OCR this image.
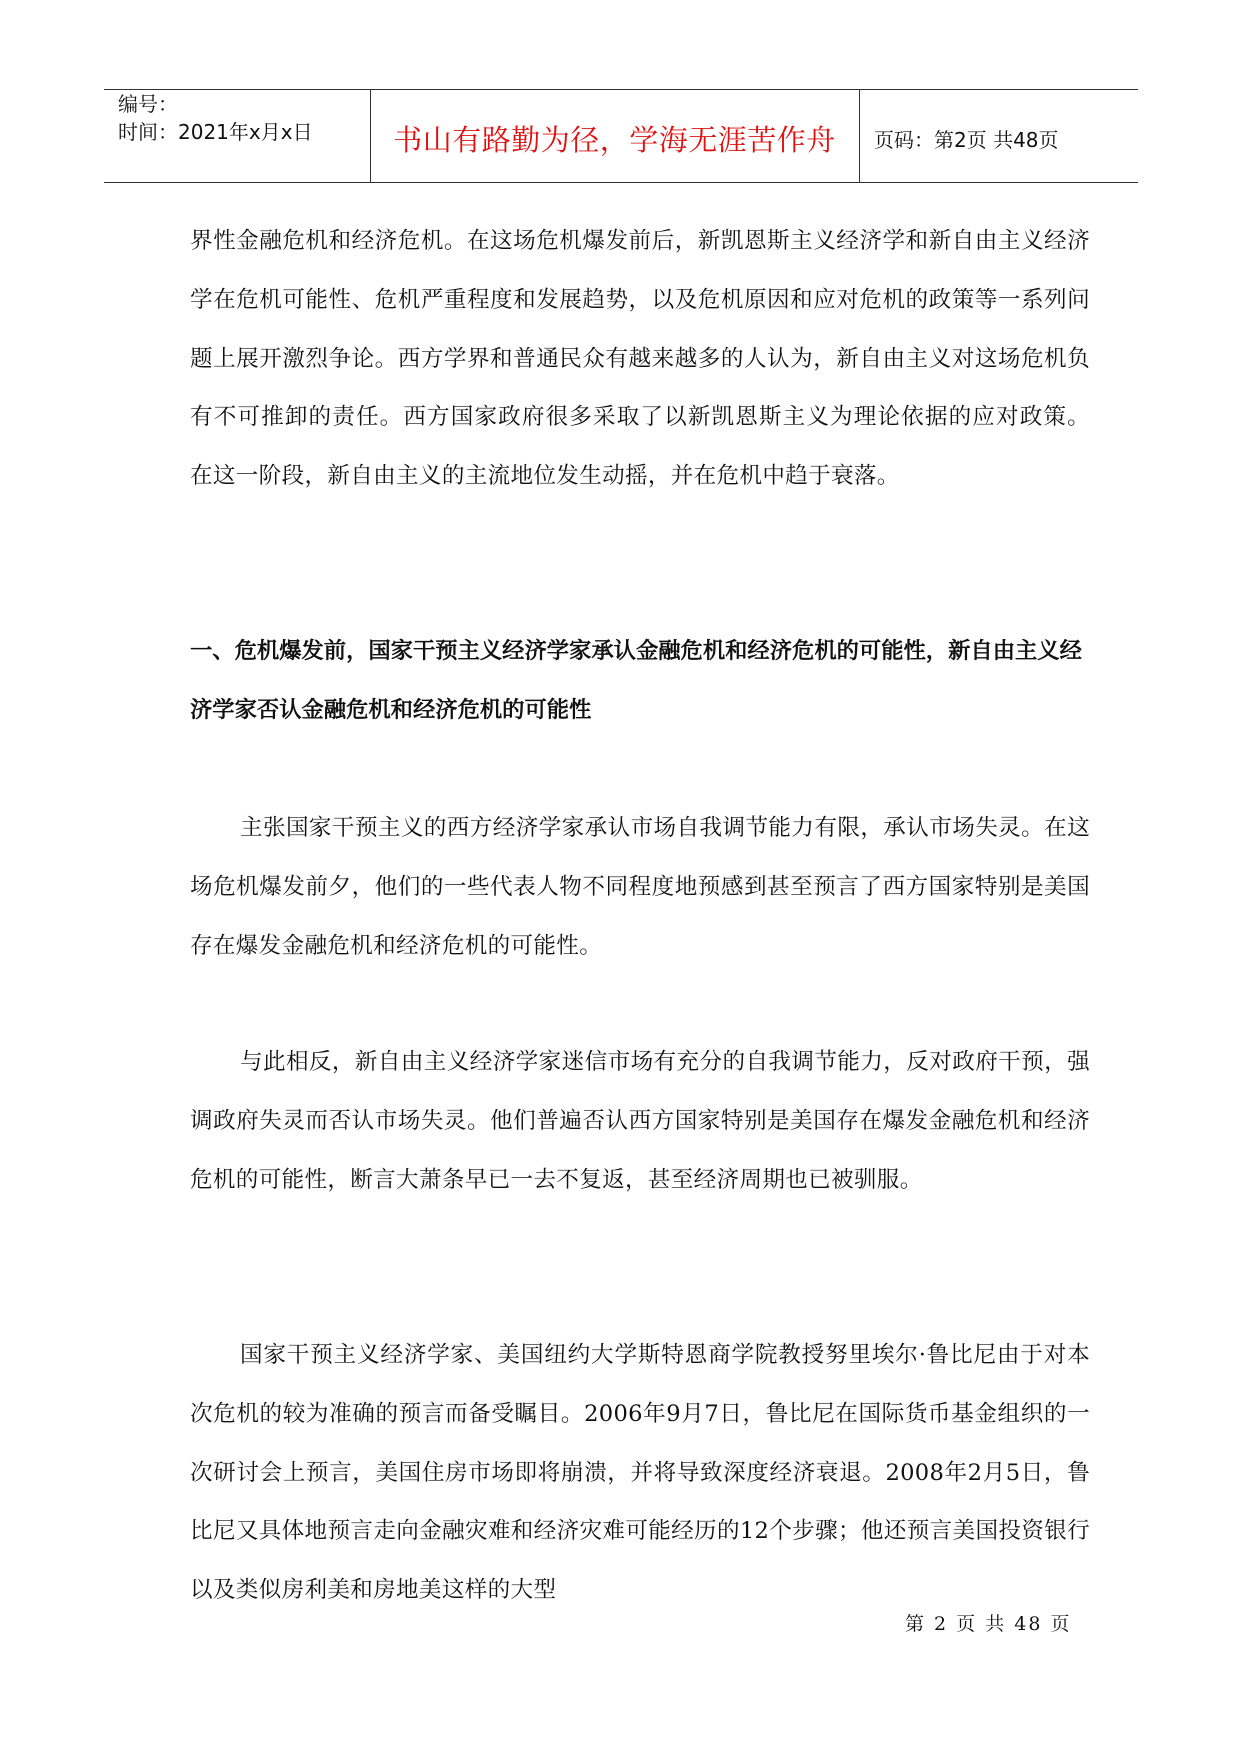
编号：
时间：2021年x月x日	书山有路勤为径，学海无涯苦作舟	页码：第2页 共48页

界性金融危机和经济危机。在这场危机爆发前后，新凯恩斯主义经济学和新自由主义经济学在危机可能性、危机严重程度和发展趋势，以及危机原因和应对危机的政策等一系列问题上展开激烈争论。西方学界和普通民众有越来越多的人认为，新自由主义对这场危机负有不可推卸的责任。西方国家政府很多采取了以新凯恩斯主义为理论依据的应对政策。 在这一阶段，新自由主义的主流地位发生动摇，并在危机中趋于衰落。

一、危机爆发前，国家干预主义经济学家承认金融危机和经济危机的可能性，新自由主义经济学家否认金融危机和经济危机的可能性

主张国家干预主义的西方经济学家承认市场自我调节能力有限，承认市场失灵。在这场危机爆发前夕，他们的一些代表人物不同程度地预感到甚至预言了西方国家特别是美国存在爆发金融危机和经济危机的可能性。

与此相反，新自由主义经济学家迷信市场有充分的自我调节能力，反对政府干预，强调政府失灵而否认市场失灵。他们普遍否认西方国家特别是美国存在爆发金融危机和经济危机的可能性，断言大萧条早已一去不复返，甚至经济周期也已被驯服。

国家干预主义经济学家、美国纽约大学斯特恩商学院教授努里埃尔·鲁比尼由于对本次危机的较为准确的预言而备受瞩目。2006年9月7日，鲁比尼在国际货币基金组织的一次研讨会上预言，美国住房市场即将崩溃，并将导致深度经济衰退。2008年2月5日，鲁比尼又具体地预言走向金融灾难和经济灾难可能经历的12个步骤；他还预言美国投资银行以及类似房利美和房地美这样的大型

第 2 页 共 48 页
